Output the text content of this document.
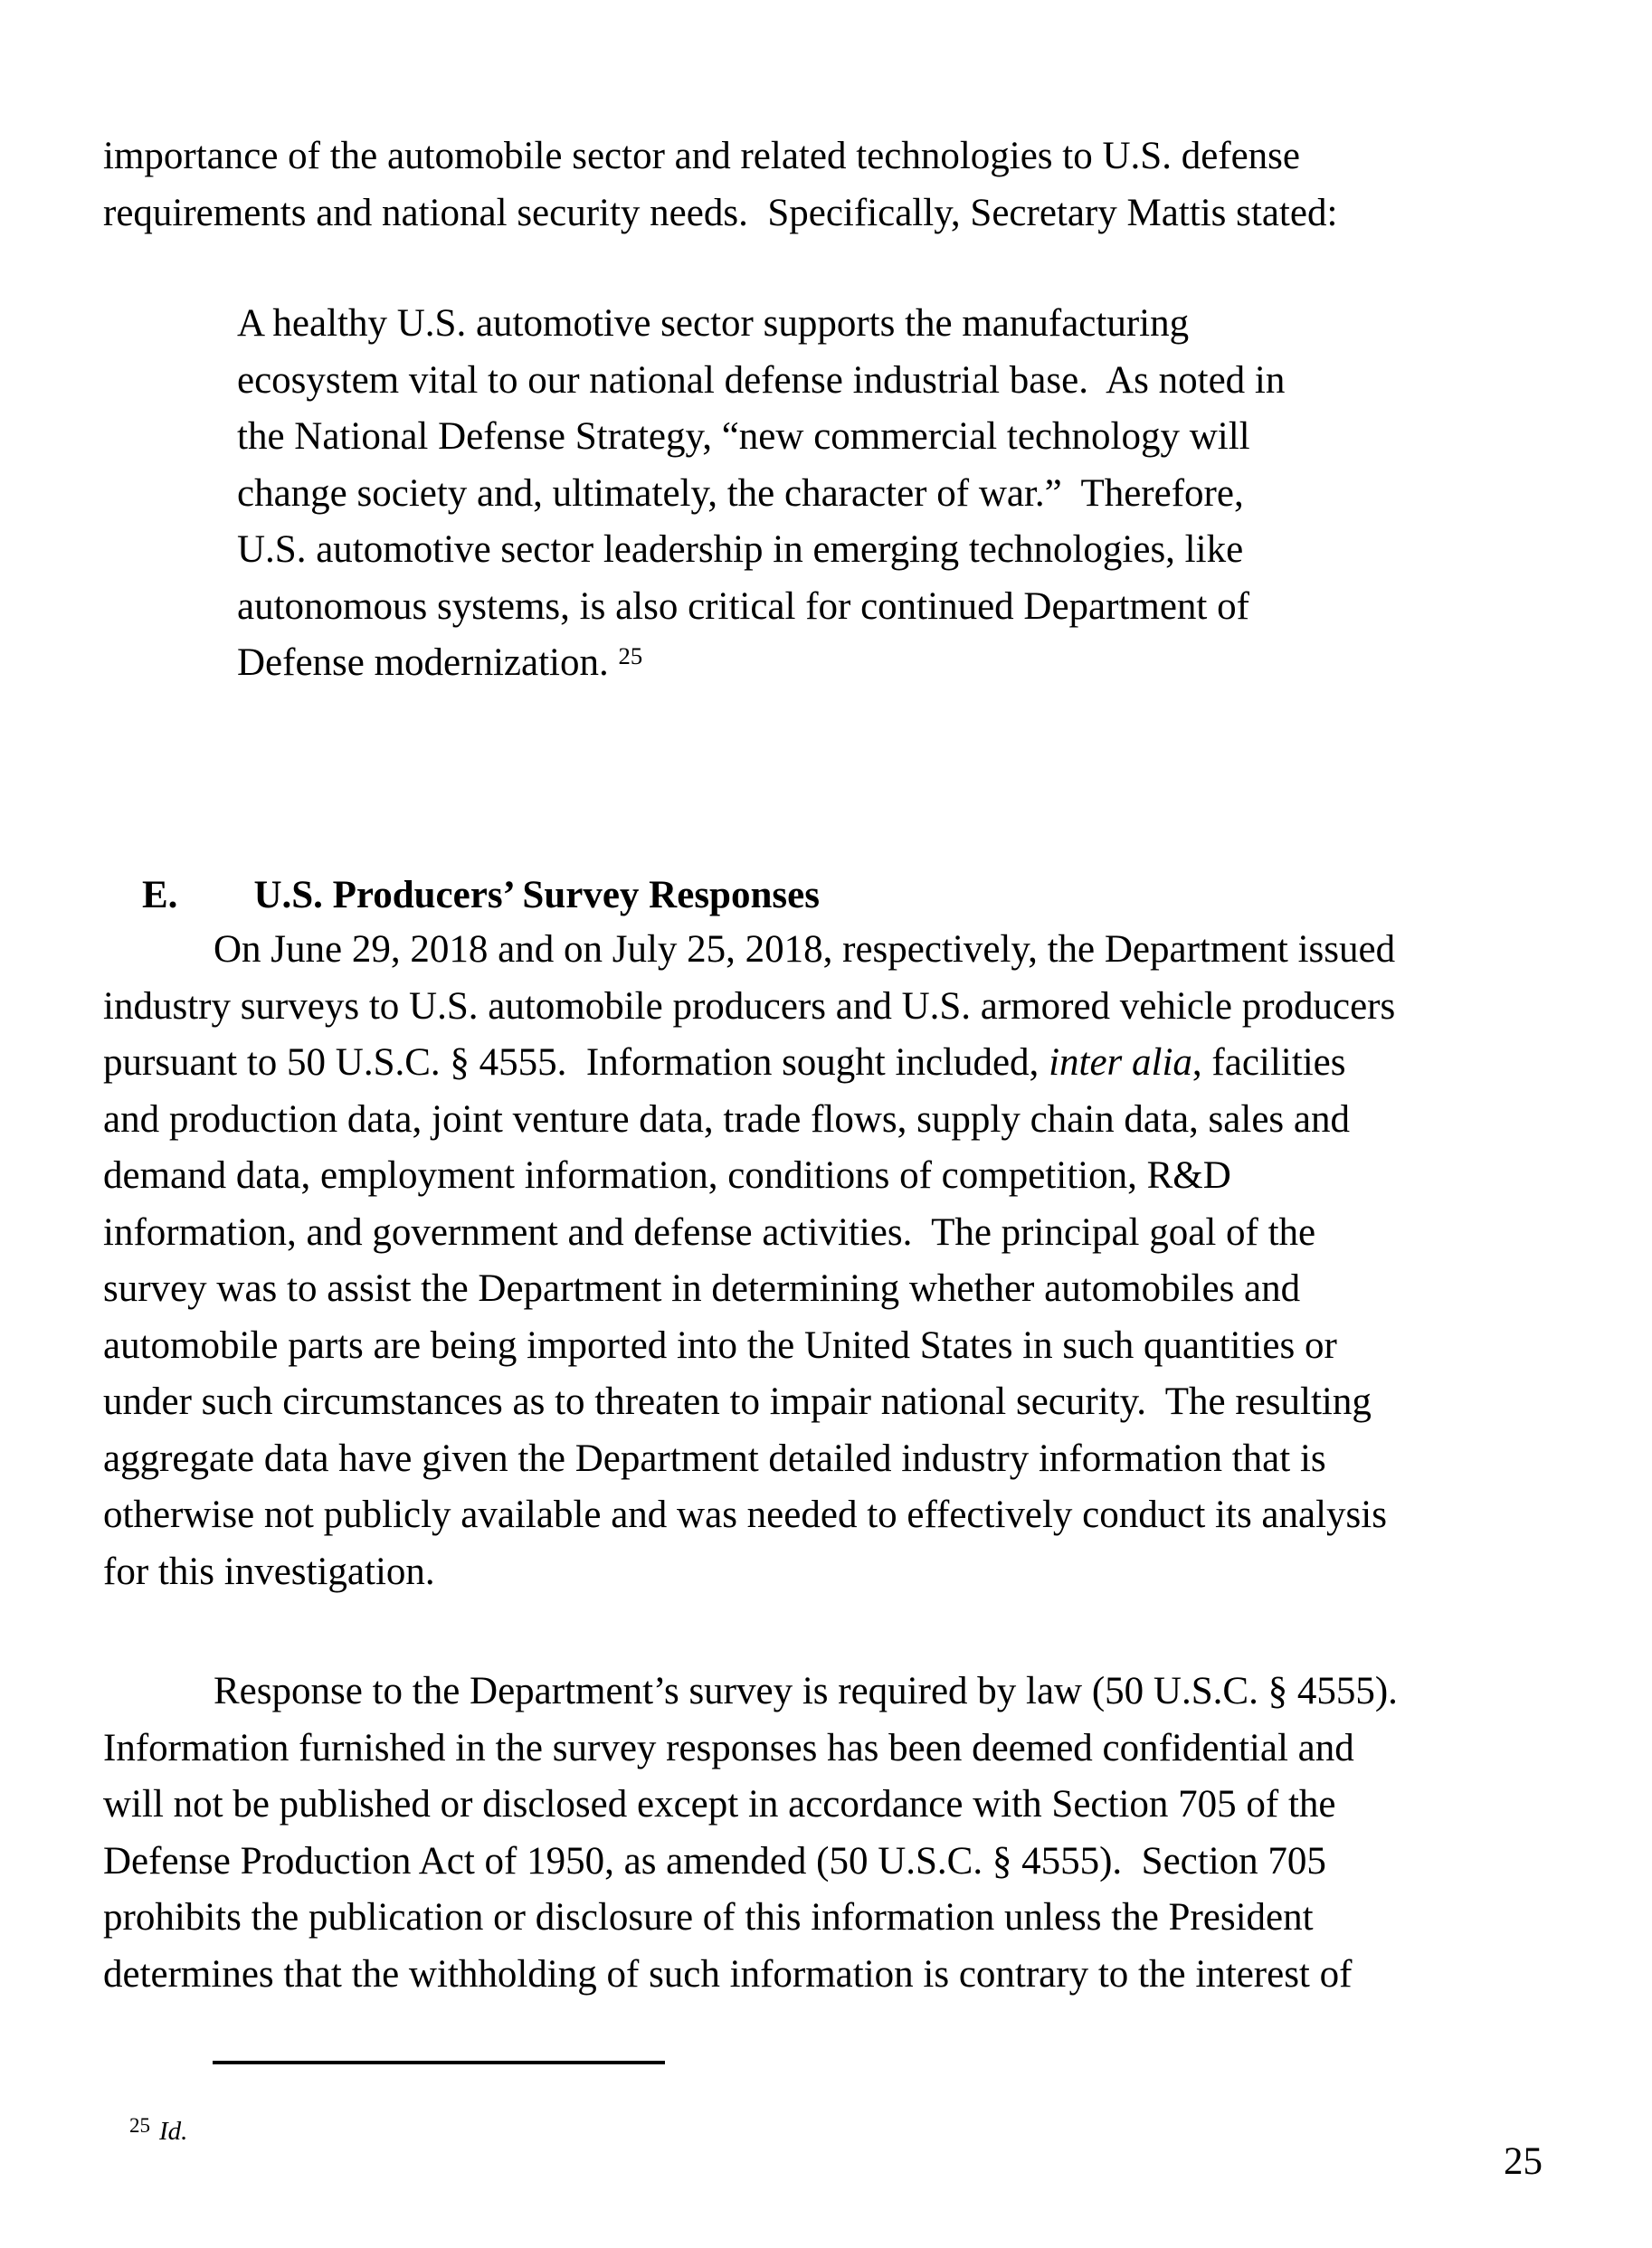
importance of the automobile sector and related technologies to U.S. defense
requirements and national security needs.  Specifically, Secretary Mattis stated:
A healthy U.S. automotive sector supports the manufacturing
ecosystem vital to our national defense industrial base.  As noted in
the National Defense Strategy, “new commercial technology will
change society and, ultimately, the character of war.”  Therefore,
U.S. automotive sector leadership in emerging technologies, like
autonomous systems, is also critical for continued Department of
Defense modernization. $^{25}$

E. U.S. Producers’ Survey Responses

On June 29, 2018 and on July 25, 2018, respectively, the Department issued
industry surveys to U.S. automobile producers and U.S. armored vehicle producers
pursuant to 50 U.S.C. § 4555.  Information sought included, inter alia, facilities
and production data, joint venture data, trade flows, supply chain data, sales and
demand data, employment information, conditions of competition, R&D
information, and government and defense activities.  The principal goal of the
survey was to assist the Department in determining whether automobiles and
automobile parts are being imported into the United States in such quantities or
under such circumstances as to threaten to impair national security.  The resulting
aggregate data have given the Department detailed industry information that is
otherwise not publicly available and was needed to effectively conduct its analysis
for this investigation.
Response to the Department’s survey is required by law (50 U.S.C. § 4555).
Information furnished in the survey responses has been deemed confidential and
will not be published or disclosed except in accordance with Section 705 of the
Defense Production Act of 1950, as amended (50 U.S.C. § 4555).  Section 705
prohibits the publication or disclosure of this information unless the President
determines that the withholding of such information is contrary to the interest of

$^{25}$ Id.

25
